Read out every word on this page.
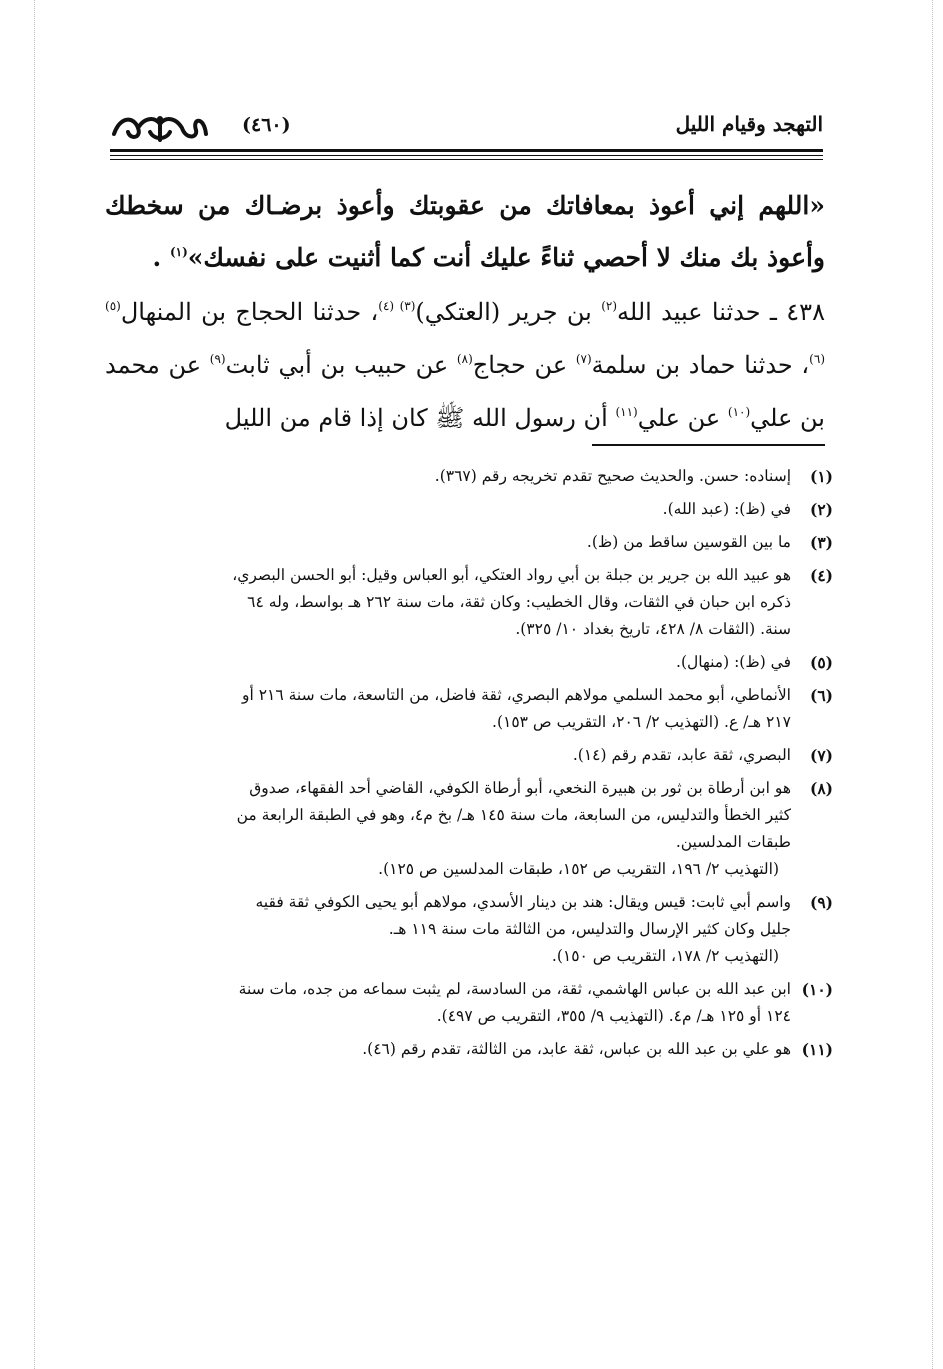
التهجد وقيام الليل
(٤٦٠)
«اللهم إني أعوذ بمعافاتك من عقوبتك وأعوذ برضـاك من سخطك وأعوذ بك منك لا أحصي ثناءً عليك أنت كما أثنيت على نفسك»$^{(١)}$ .
٤٣٨ ـ حدثنا عبيد الله$^{(٢)}$ بن جرير (العتكي)$^{(٣) (٤)}$، حدثنا الحجاج بن المنهال$^{(٥) (٦)}$، حدثنا حماد بن سلمة$^{(٧)}$ عن حجاج$^{(٨)}$ عن حبيب بن أبي ثابت$^{(٩)}$ عن محمد بن علي$^{(١٠)}$ عن علي$^{(١١)}$ أن رسول الله ﷺ كان إذا قام من الليل
(١)
إسناده: حسن. والحديث صحيح تقدم تخريجه رقم (٣٦٧).
(٢)
في (ظ): (عبد الله).
(٣)
ما بين القوسين ساقط من (ظ).
(٤)
هو عبيد الله بن جرير بن جبلة بن أبي رواد العتكي، أبو العباس وقيل: أبو الحسن البصري،
ذكره ابن حبان في الثقات، وقال الخطيب: وكان ثقة، مات سنة ٢٦٢ هـ بواسط، وله ٦٤
سنة. (الثقات ٨/ ٤٢٨، تاريخ بغداد ١٠/ ٣٢٥).
(٥)
في (ظ): (منهال).
(٦)
الأنماطي، أبو محمد السلمي مولاهم البصري، ثقة فاضل، من التاسعة، مات سنة ٢١٦ أو
٢١٧ هـ/ ع. (التهذيب ٢/ ٢٠٦، التقريب ص ١٥٣).
(٧)
البصري، ثقة عابد، تقدم رقم (١٤).
(٨)
هو ابن أرطاة بن ثور بن هبيرة النخعي، أبو أرطاة الكوفي، القاضي أحد الفقهاء، صدوق
كثير الخطأ والتدليس، من السابعة، مات سنة ١٤٥ هـ/ بخ م٤، وهو في الطبقة الرابعة من
طبقات المدلسين.
(التهذيب ٢/ ١٩٦، التقريب ص ١٥٢، طبقات المدلسين ص ١٢٥).
(٩)
واسم أبي ثابت: قيس ويقال: هند بن دينار الأسدي، مولاهم أبو يحيى الكوفي ثقة فقيه
جليل وكان كثير الإرسال والتدليس، من الثالثة مات سنة ١١٩ هـ.
(التهذيب ٢/ ١٧٨، التقريب ص ١٥٠).
(١٠)
ابن عبد الله بن عباس الهاشمي، ثقة، من السادسة، لم يثبت سماعه من جده، مات سنة
١٢٤ أو ١٢٥ هـ/ م٤. (التهذيب ٩/ ٣٥٥، التقريب ص ٤٩٧).
(١١)
هو علي بن عبد الله بن عباس، ثقة عابد، من الثالثة، تقدم رقم (٤٦).
